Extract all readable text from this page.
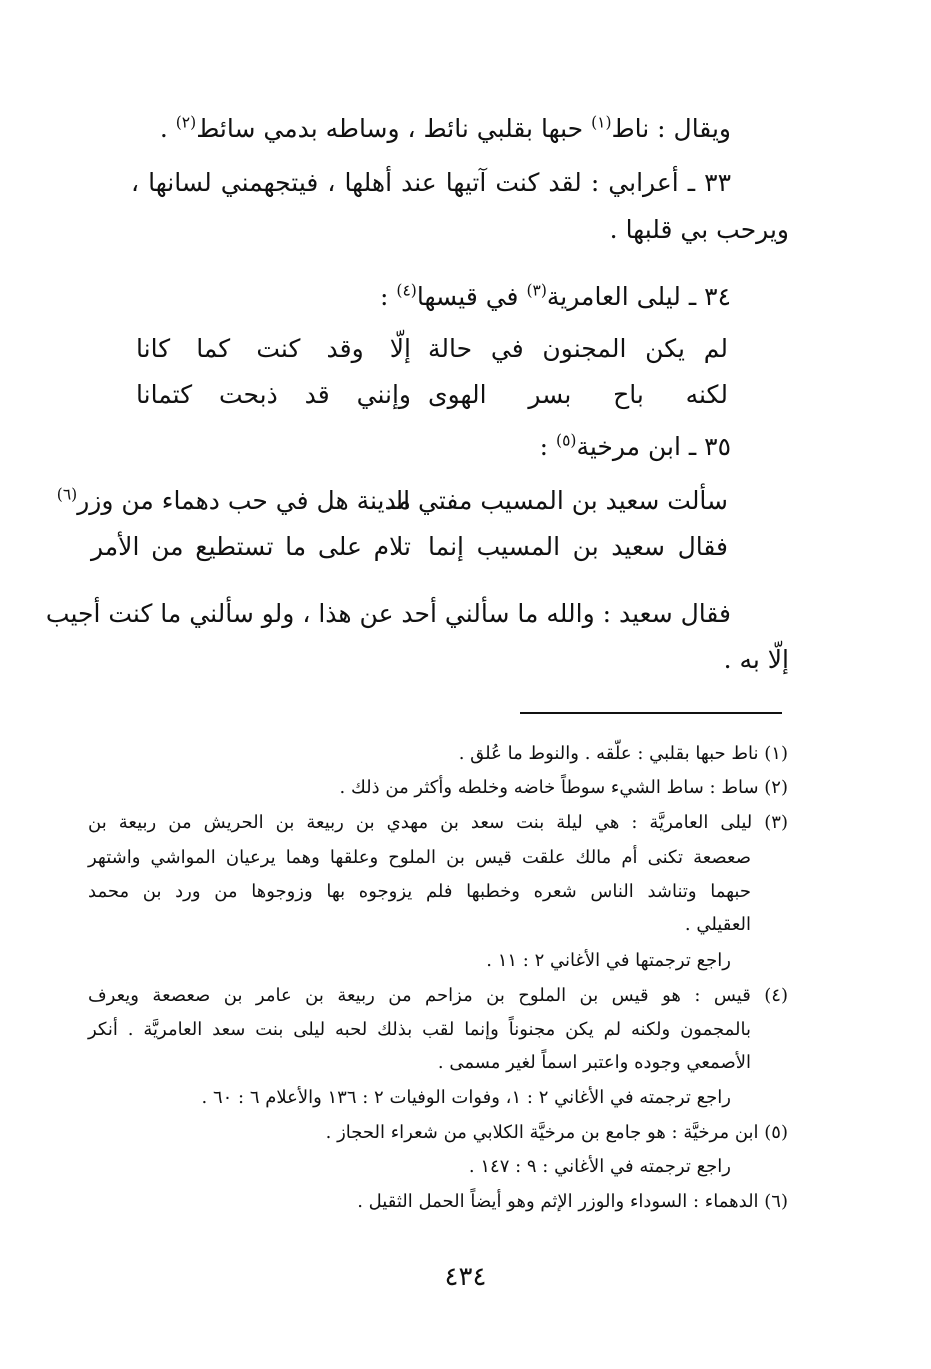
ويقال : ناط$^{(١)}$ حبها بقلبي نائط ، وساطه بدمي سائط$^{(٢)}$ .
٣٣ ـ أعرابي : لقد كنت آتيها عند أهلها ، فيتجهمني لسانها ،
ويرحب بي قلبها .
٣٤ ـ ليلى العامرية$^{(٣)}$ في قيسها$^{(٤)}$ :
لم يكن المجنون في حالة
إلّا وقد كنت كما كانا
لكنه باح بسر الهوى
وإنني قد ذبحت كتمانا
٣٥ ـ ابن مرخية$^{(٥)}$ :
سألت سعيد بن المسيب مفتي الـ
مدينة هل في حب دهماء من وزر$^{(٦)}$
فقال سعيد بن المسيب إنما
تلام على ما تستطيع من الأمر
فقال سعيد : والله ما سألني أحد عن هذا ، ولو سألني ما كنت أجيب
إلّا به .
(١) ناط حبها بقلبي : علّقه . والنوط ما عُلق .
(٢) ساط : ساط الشيء سوطاً خاضه وخلطه وأكثر من ذلك .
(٣) ليلى العامريَّة : هي ليلة بنت سعد بن مهدي بن ربيعة بن الحريش من ربيعة بن
صعصعة تكنى أم مالك علقت قيس بن الملوح وعلقها وهما يرعيان المواشي واشتهر
حبهما وتناشد الناس شعره وخطبها فلم يزوجوه بها وزوجوها من ورد بن محمد
العقيلي .
راجع ترجمتها في الأغاني ٢ : ١١ .
(٤) قيس : هو قيس بن الملوح بن مزاحم من ربيعة بن عامر بن صعصعة ويعرف
بالمجمون ولكنه لم يكن مجنوناً وإنما لقب بذلك لحبه ليلى بنت سعد العامريَّة . أنكر
الأصمعي وجوده واعتبر اسماً لغير مسمى .
راجع ترجمته في الأغاني ٢ : ١، وفوات الوفيات ٢ : ١٣٦ والأعلام ٦ : ٦٠ .
(٥) ابن مرخيَّة : هو جامع بن مرخيَّة الكلابي من شعراء الحجاز .
راجع ترجمته في الأغاني : ٩ : ١٤٧ .
(٦) الدهماء : السوداء والوزر الإثم وهو أيضاً الحمل الثقيل .
٤٣٤
